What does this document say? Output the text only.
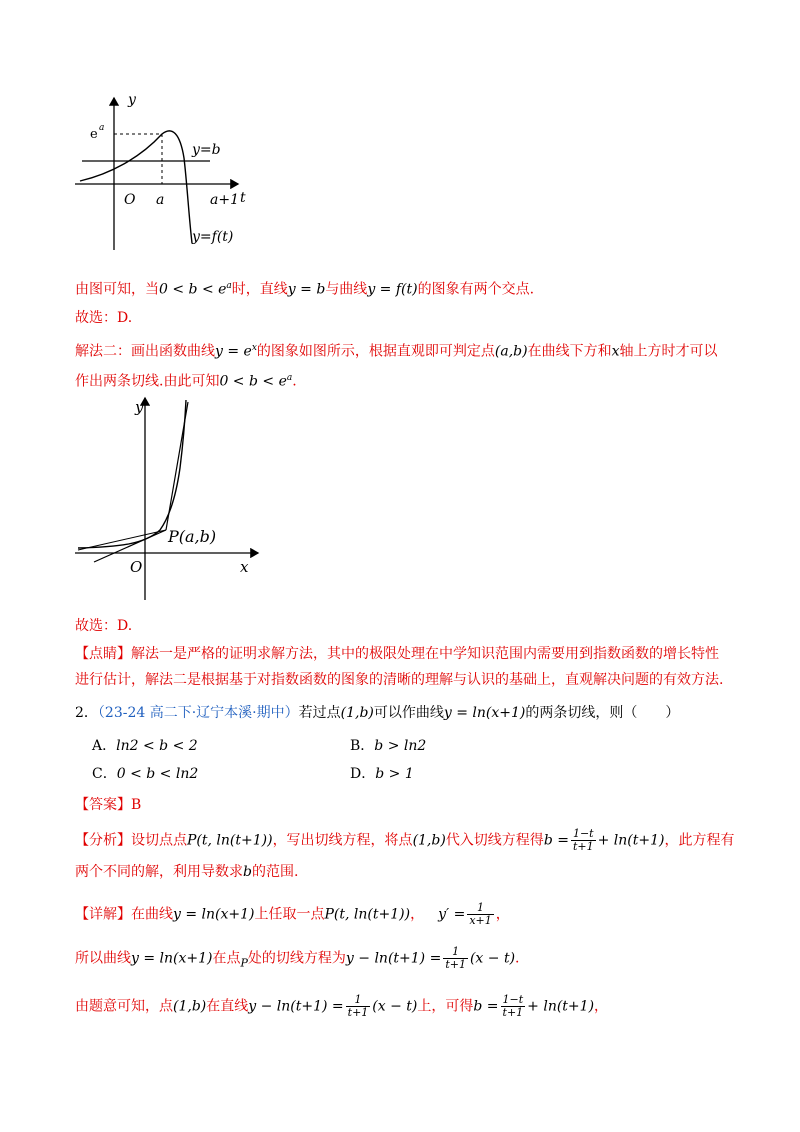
y
t
O
e a
a	a+1
y=b
y=f(t)
由图可知，当$0 < b < e^a$时，直线y = b与曲线y = f(t)的图象有两个交点.
故选：D.
解法二：画出函数曲线$y = e^x$的图象如图所示，根据直观即可判定点(a,b)在曲线下方和x轴上方时才可以
作出两条切线.由此可知$0 < b < e^a$.
y
x
O
P(a,b)
故选：D.
【点睛】解法一是严格的证明求解方法，其中的极限处理在中学知识范围内需要用到指数函数的增长特性
进行估计，解法二是根据基于对指数函数的图象的清晰的理解与认识的基础上，直观解决问题的有效方法.
2．（23-24 高二下·辽宁本溪·期中）若过点(1,b)可以作曲线y = ln(x+1)的两条切线，则（　　）
A．ln2 < b < 2	B．b > ln2
C．0 < b < ln2	D．b > 1
【答案】B
【分析】设切点点P(t, ln(t+1))，写出切线方程，将点(1,b)代入切线方程得$b = \frac{1-t}{t+1} + \ln(t+1)$，此方程有
两个不同的解，利用导数求b的范围.
【详解】在曲线y = ln(x+1)上任取一点P(t, ln(t+1))， $y' = \frac{1}{x+1}$ ，
所以曲线y = ln(x+1)在点$_P$处的切线方程为$y - \ln(t+1) = \frac{1}{t+1} (x - t)$.
由题意可知，点(1,b)在直线$y - \ln(t+1) = \frac{1}{t+1} (x - t)$上，可得$b = \frac{1-t}{t+1} + \ln(t+1)$，
